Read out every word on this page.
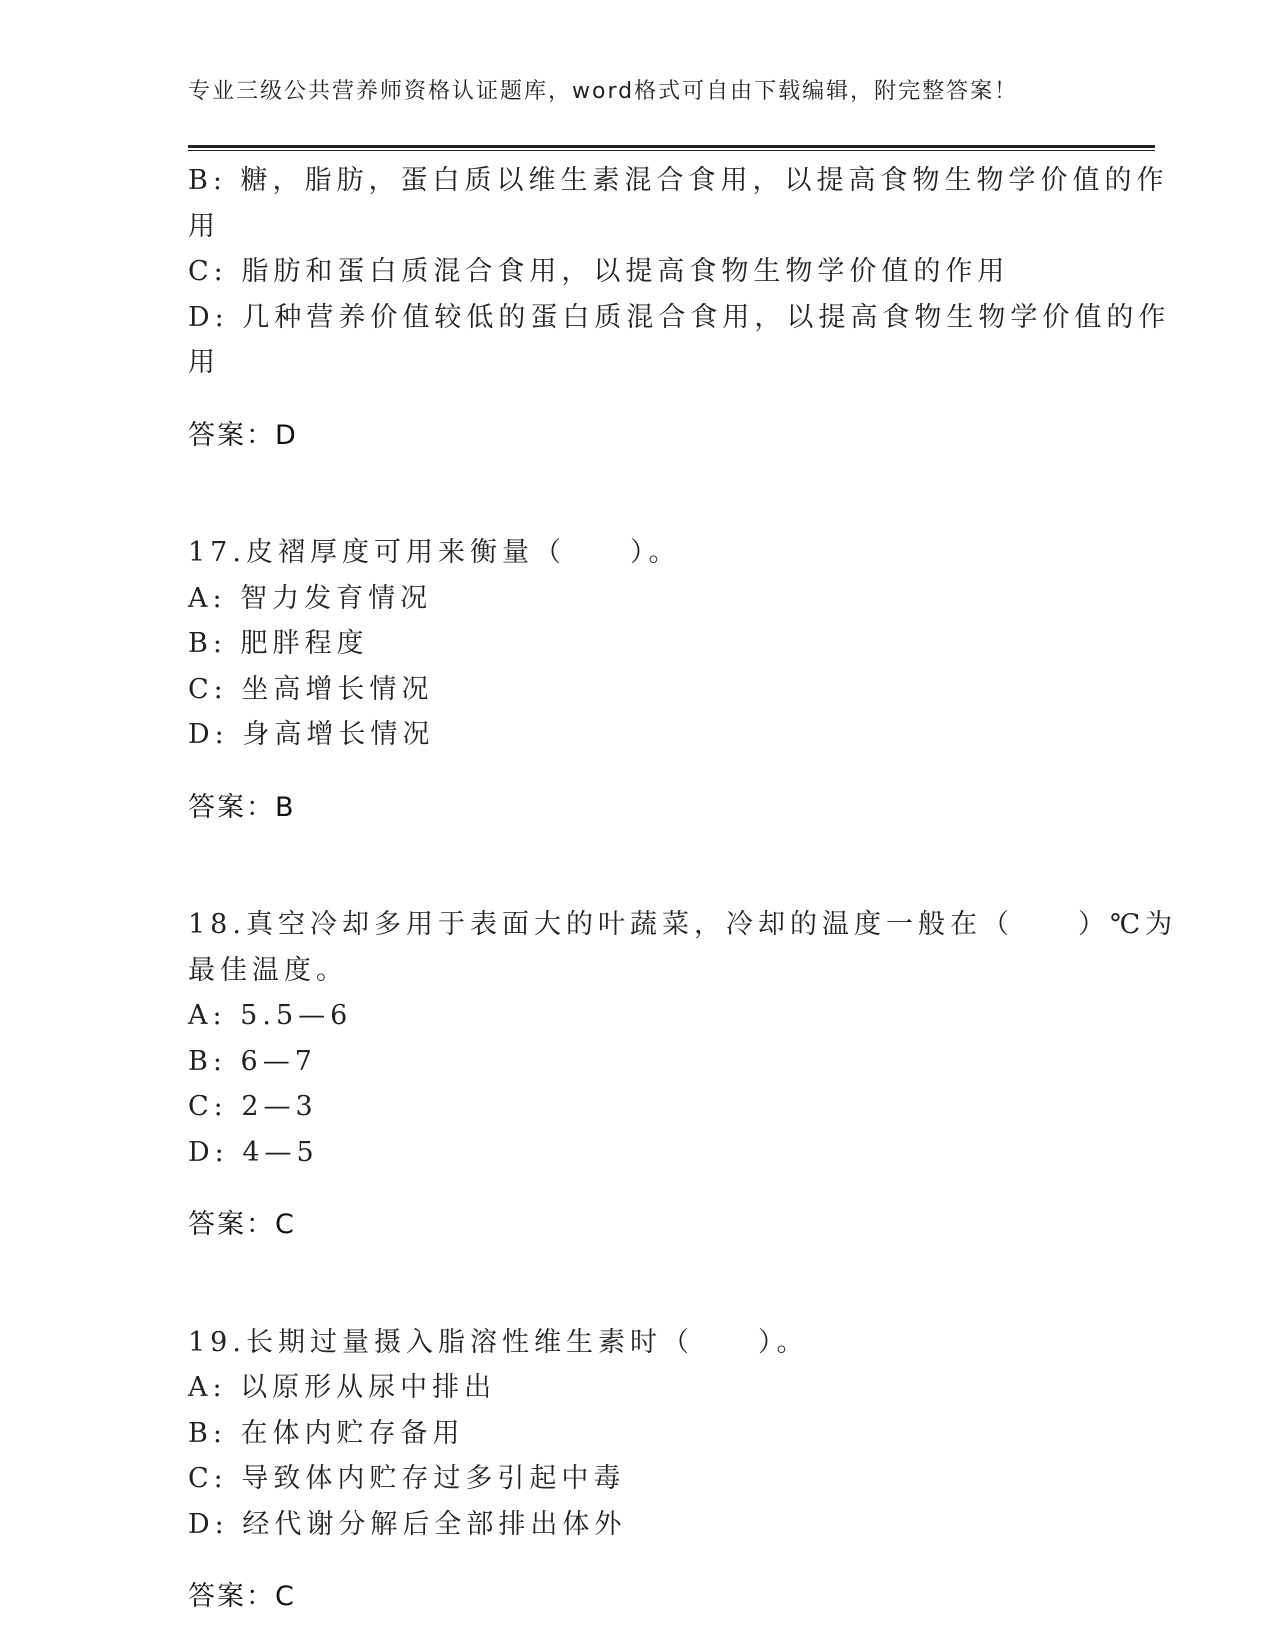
专业三级公共营养师资格认证题库，word格式可自由下载编辑，附完整答案！

B: 糖，脂肪，蛋白质以维生素混合食用，以提高食物生物学价值的作

用

C: 脂肪和蛋白质混合食用，以提高食物生物学价值的作用

D: 几种营养价值较低的蛋白质混合食用，以提高食物生物学价值的作

用

答案：D

17.皮褶厚度可用来衡量（　　）。

A: 智力发育情况

B: 肥胖程度

C: 坐高增长情况

D: 身高增长情况

答案：B

18.真空冷却多用于表面大的叶蔬菜，冷却的温度一般在（　　）℃为

最佳温度。

A: 5.5—6

B: 6—7

C: 2—3

D: 4—5

答案：C

19.长期过量摄入脂溶性维生素时（　　）。

A: 以原形从尿中排出

B: 在体内贮存备用

C: 导致体内贮存过多引起中毒

D: 经代谢分解后全部排出体外

答案：C
